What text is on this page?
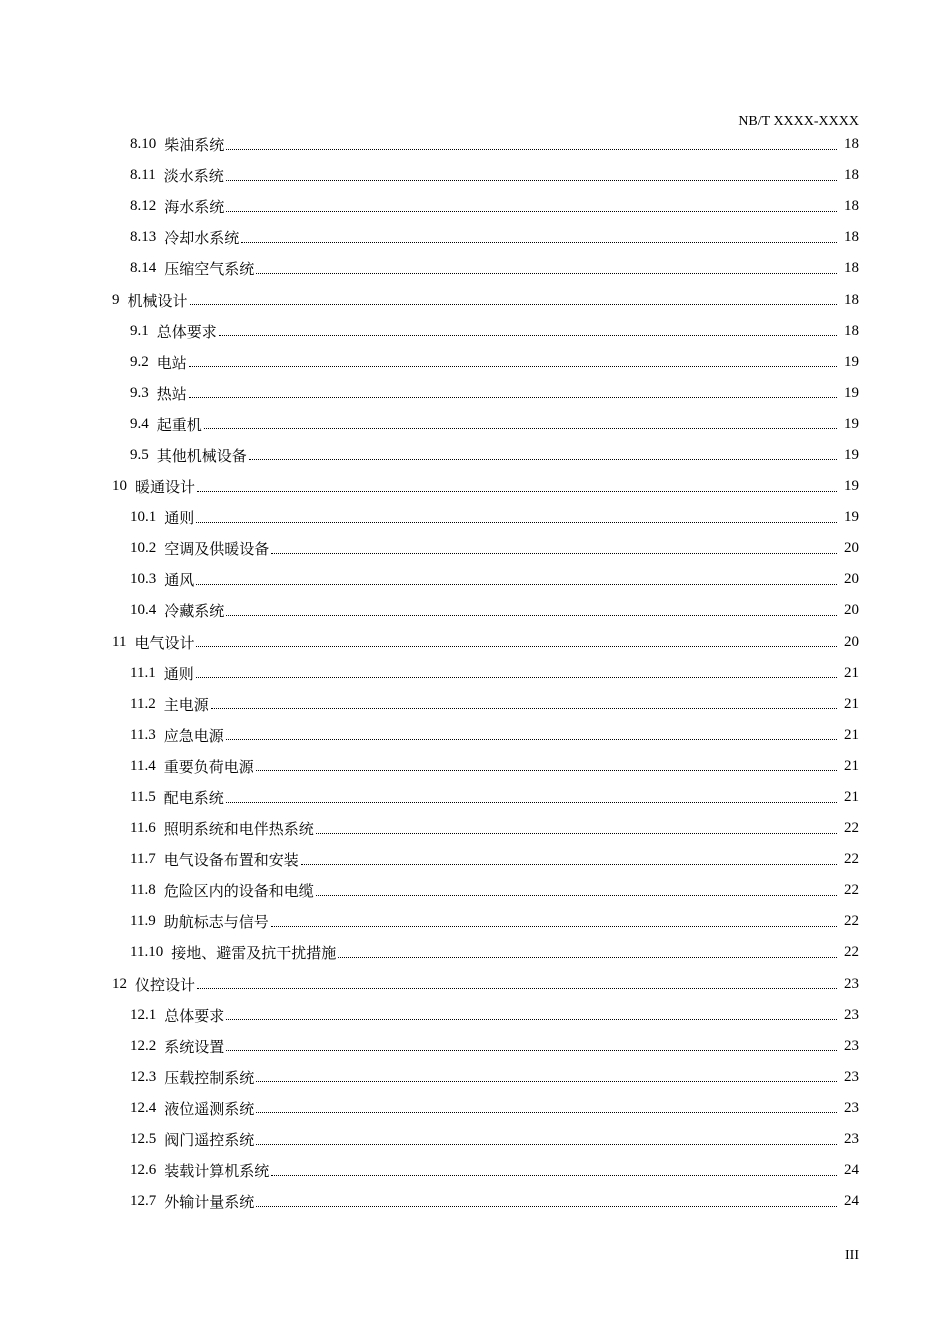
NB/T XXXX-XXXX
8.10 柴油系统	18
8.11 淡水系统	18
8.12 海水系统	18
8.13 冷却水系统	18
8.14 压缩空气系统	18
9 机械设计	18
9.1 总体要求	18
9.2 电站	19
9.3 热站	19
9.4 起重机	19
9.5 其他机械设备	19
10 暖通设计	19
10.1 通则	19
10.2 空调及供暖设备	20
10.3 通风	20
10.4 冷藏系统	20
11 电气设计	20
11.1 通则	21
11.2 主电源	21
11.3 应急电源	21
11.4 重要负荷电源	21
11.5 配电系统	21
11.6 照明系统和电伴热系统	22
11.7 电气设备布置和安装	22
11.8 危险区内的设备和电缆	22
11.9 助航标志与信号	22
11.10 接地、避雷及抗干扰措施	22
12 仪控设计	23
12.1 总体要求	23
12.2 系统设置	23
12.3 压载控制系统	23
12.4 液位遥测系统	23
12.5 阀门遥控系统	23
12.6 装载计算机系统	24
12.7 外输计量系统	24
III
